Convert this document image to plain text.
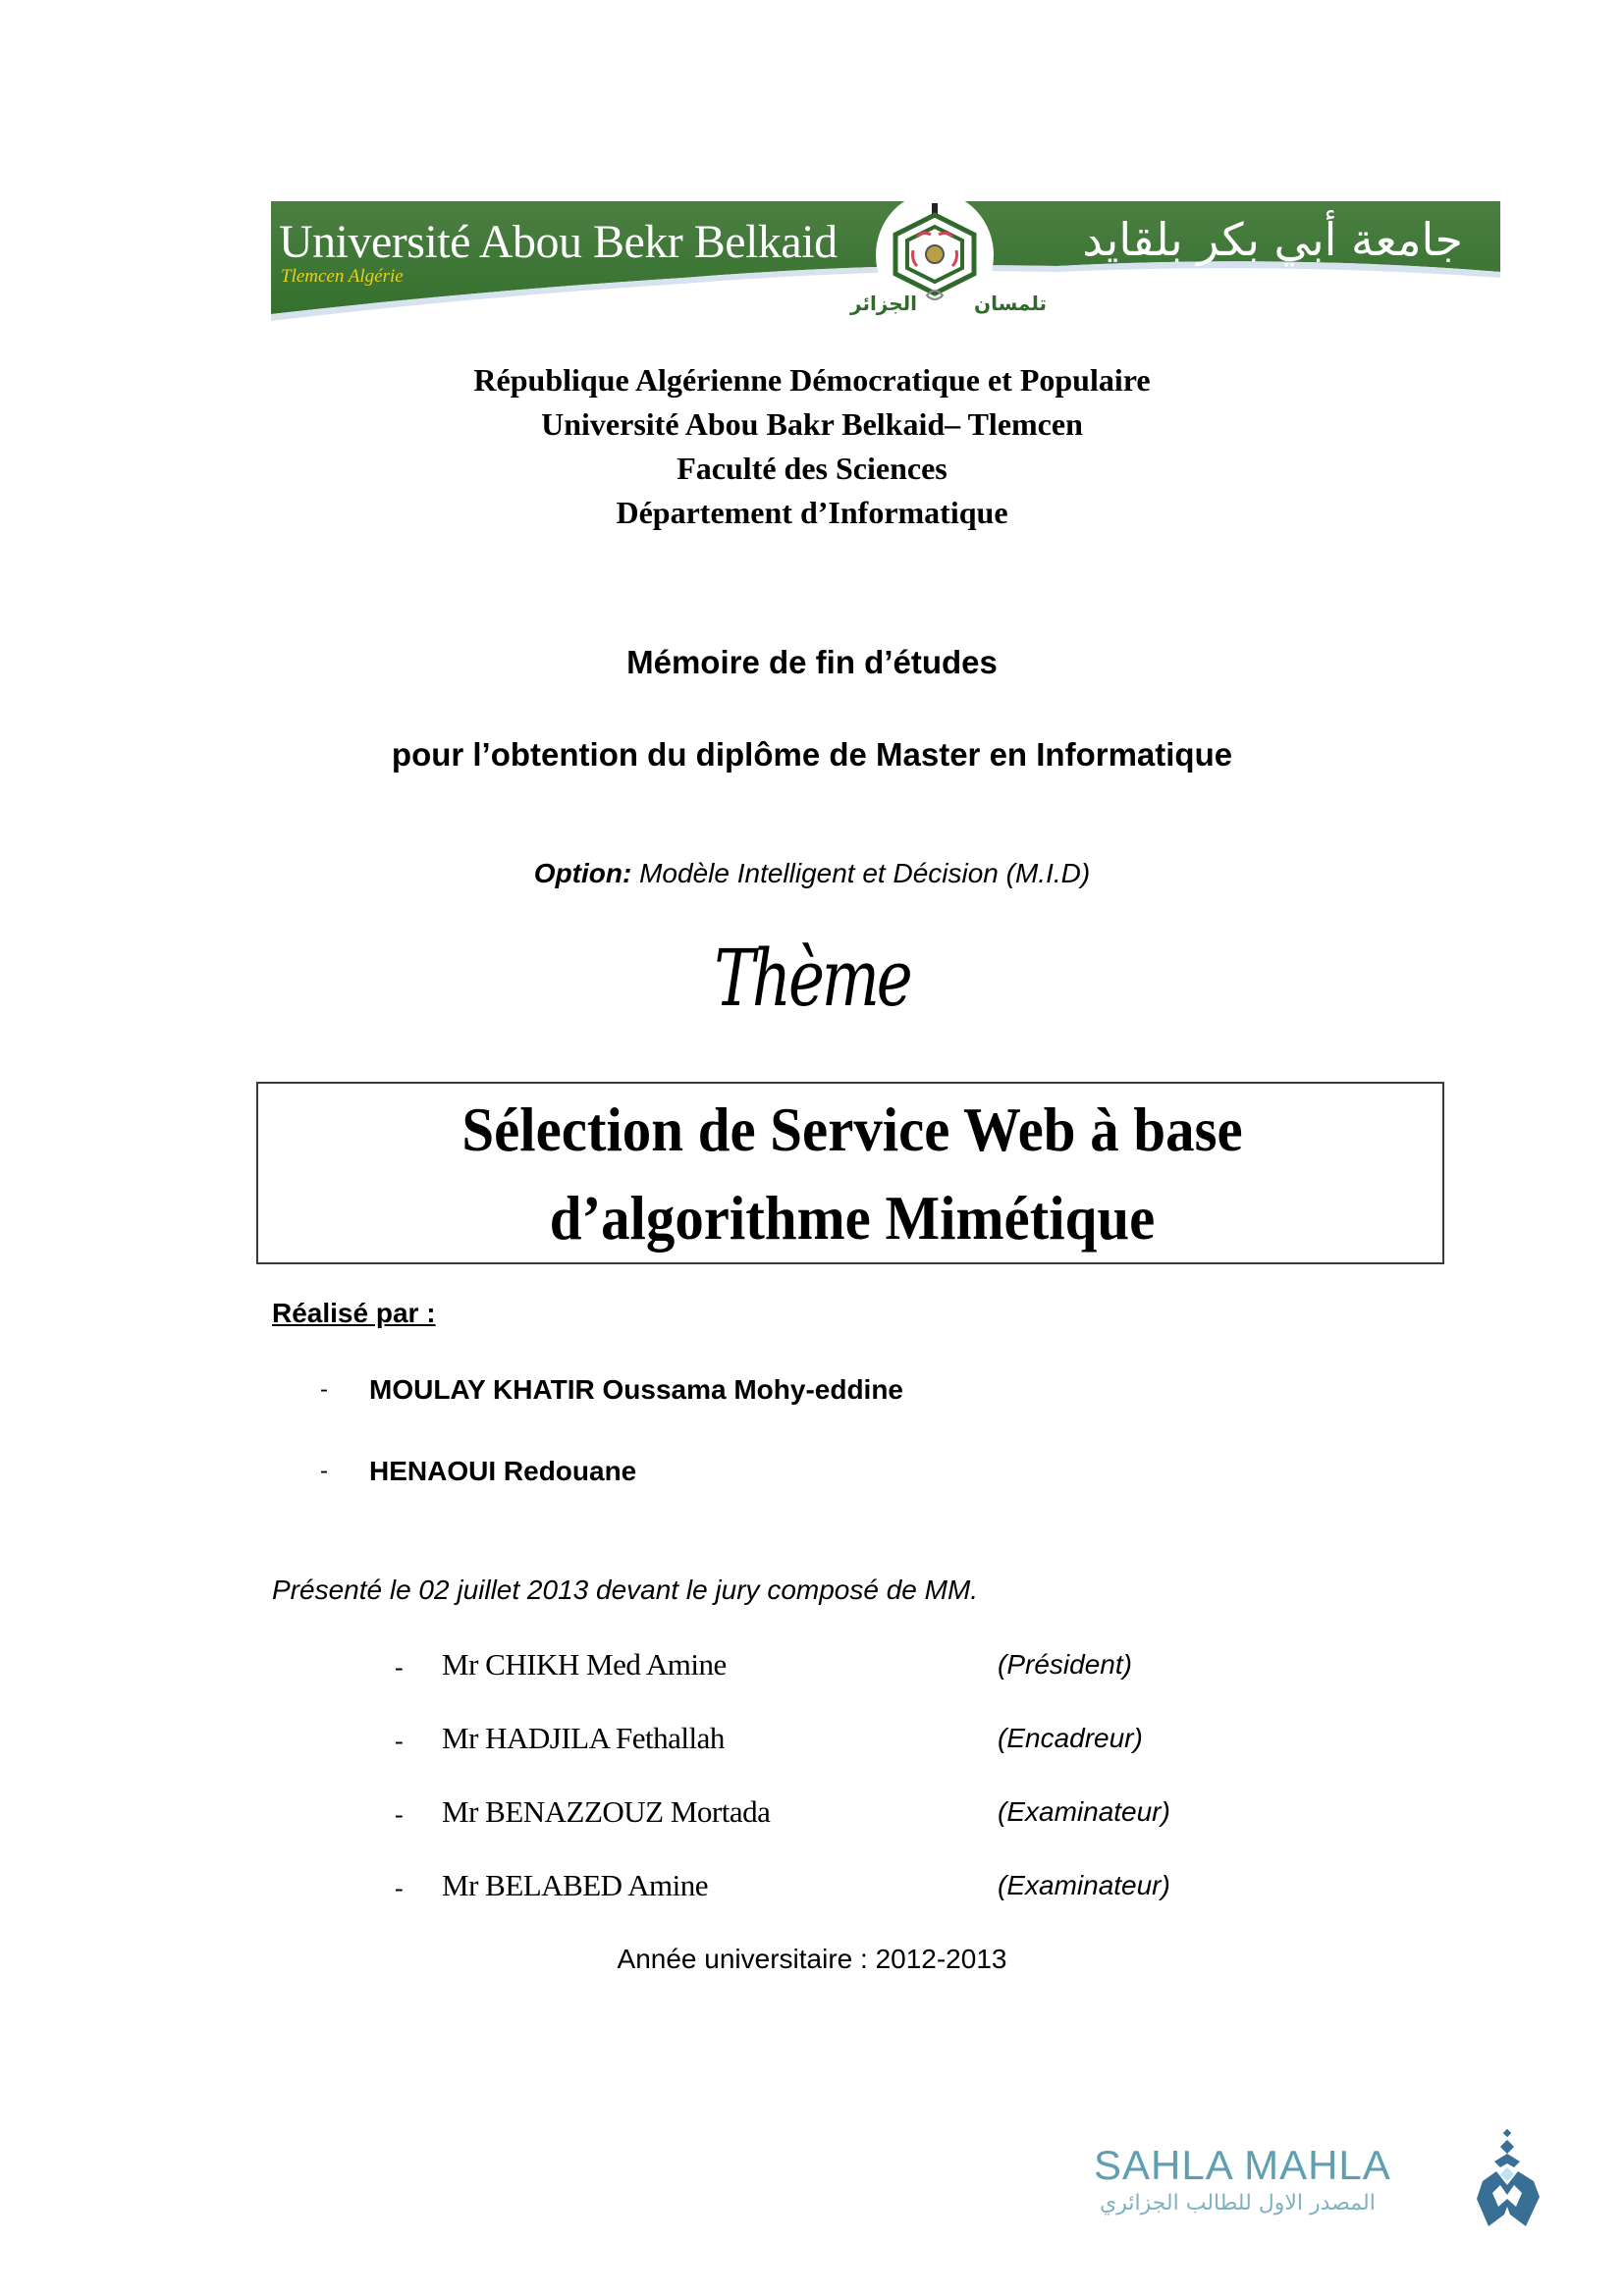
Université Abou Bekr Belkaid
Tlemcen Algérie
جامعة أبي بكر بلقايد
الجزائر	تلمسان
République Algérienne Démocratique et Populaire
Université Abou Bakr Belkaid– Tlemcen
Faculté des Sciences
Département d’Informatique
Mémoire de fin d’études
pour l’obtention du diplôme de Master en Informatique
Option: Modèle Intelligent et Décision (M.I.D)
Thème
Sélection de Service Web à base
d’algorithme Mimétique
Réalisé par :
- MOULAY KHATIR Oussama Mohy-eddine
- HENAOUI Redouane
Présenté le 02 juillet 2013 devant le jury composé de MM.
- Mr CHIKH Med Amine	(Président)
- Mr HADJILA Fethallah	(Encadreur)
- Mr BENAZZOUZ Mortada	(Examinateur)
- Mr BELABED Amine	(Examinateur)
Année universitaire : 2012-2013
SAHLA MAHLA
المصدر الاول للطالب الجزائري
